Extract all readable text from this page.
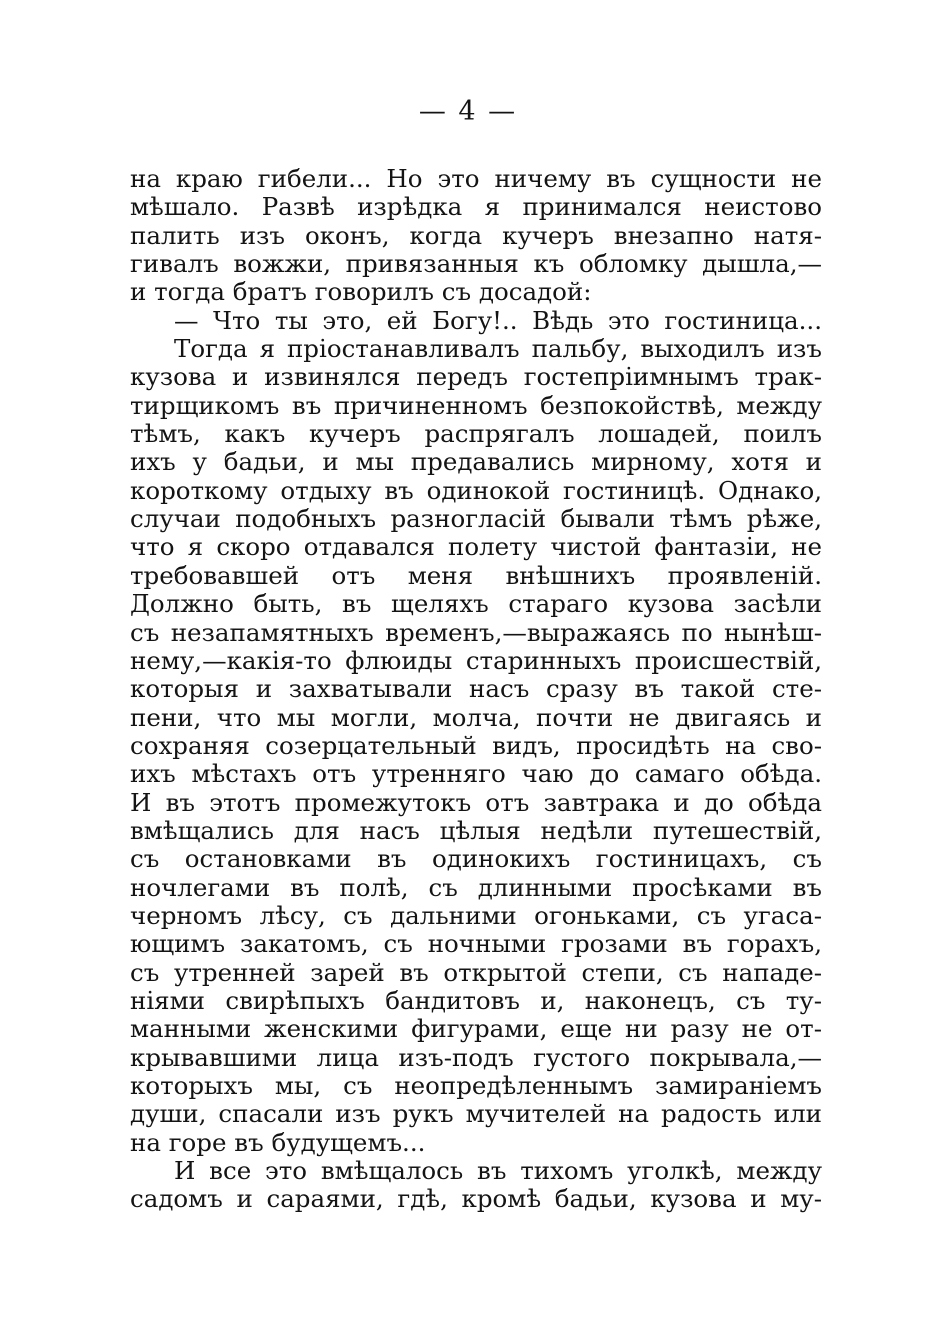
— 4 —
на краю гибели... Но это ничему въ сущности не
мѣшало. Развѣ изрѣдка я принимался неистово
палить изъ оконъ, когда кучеръ внезапно натя-
гивалъ вожжи, привязанныя къ обломку дышла,—
и тогда братъ говорилъ съ досадой:
— Что ты это, ей Богу!.. Вѣдь это гостиница...
Тогда я пріостанавливалъ пальбу, выходилъ изъ
кузова и извинялся передъ гостепріимнымъ трак-
тирщикомъ въ причиненномъ безпокойствѣ, между
тѣмъ, какъ кучеръ распрягалъ лошадей, поилъ
ихъ у бадьи, и мы предавались мирному, хотя и
короткому отдыху въ одинокой гостиницѣ. Однако,
случаи подобныхъ разногласій бывали тѣмъ рѣже,
что я скоро отдавался полету чистой фантазіи, не
требовавшей отъ меня внѣшнихъ проявленій.
Должно быть, въ щеляхъ стараго кузова засѣли
съ незапамятныхъ временъ,—выражаясь по нынѣш-
нему,—какія-то флюиды старинныхъ происшествій,
которыя и захватывали насъ сразу въ такой сте-
пени, что мы могли, молча, почти не двигаясь и
сохраняя созерцательный видъ, просидѣть на сво-
ихъ мѣстахъ отъ утренняго чаю до самаго обѣда.
И въ этотъ промежутокъ отъ завтрака и до обѣда
вмѣщались для насъ цѣлыя недѣли путешествій,
съ остановками въ одинокихъ гостиницахъ, съ
ночлегами въ полѣ, съ длинными просѣками въ
черномъ лѣсу, съ дальними огоньками, съ угаса-
ющимъ закатомъ, съ ночными грозами въ горахъ,
съ утренней зарей въ открытой степи, съ нападе-
ніями свирѣпыхъ бандитовъ и, наконецъ, съ ту-
манными женскими фигурами, еще ни разу не от-
крывавшими лица изъ-подъ густого покрывала,—
которыхъ мы, съ неопредѣленнымъ замираніемъ
души, спасали изъ рукъ мучителей на радость или
на горе въ будущемъ...
И все это вмѣщалось въ тихомъ уголкѣ, между
садомъ и сараями, гдѣ, кромѣ бадьи, кузова и му-
